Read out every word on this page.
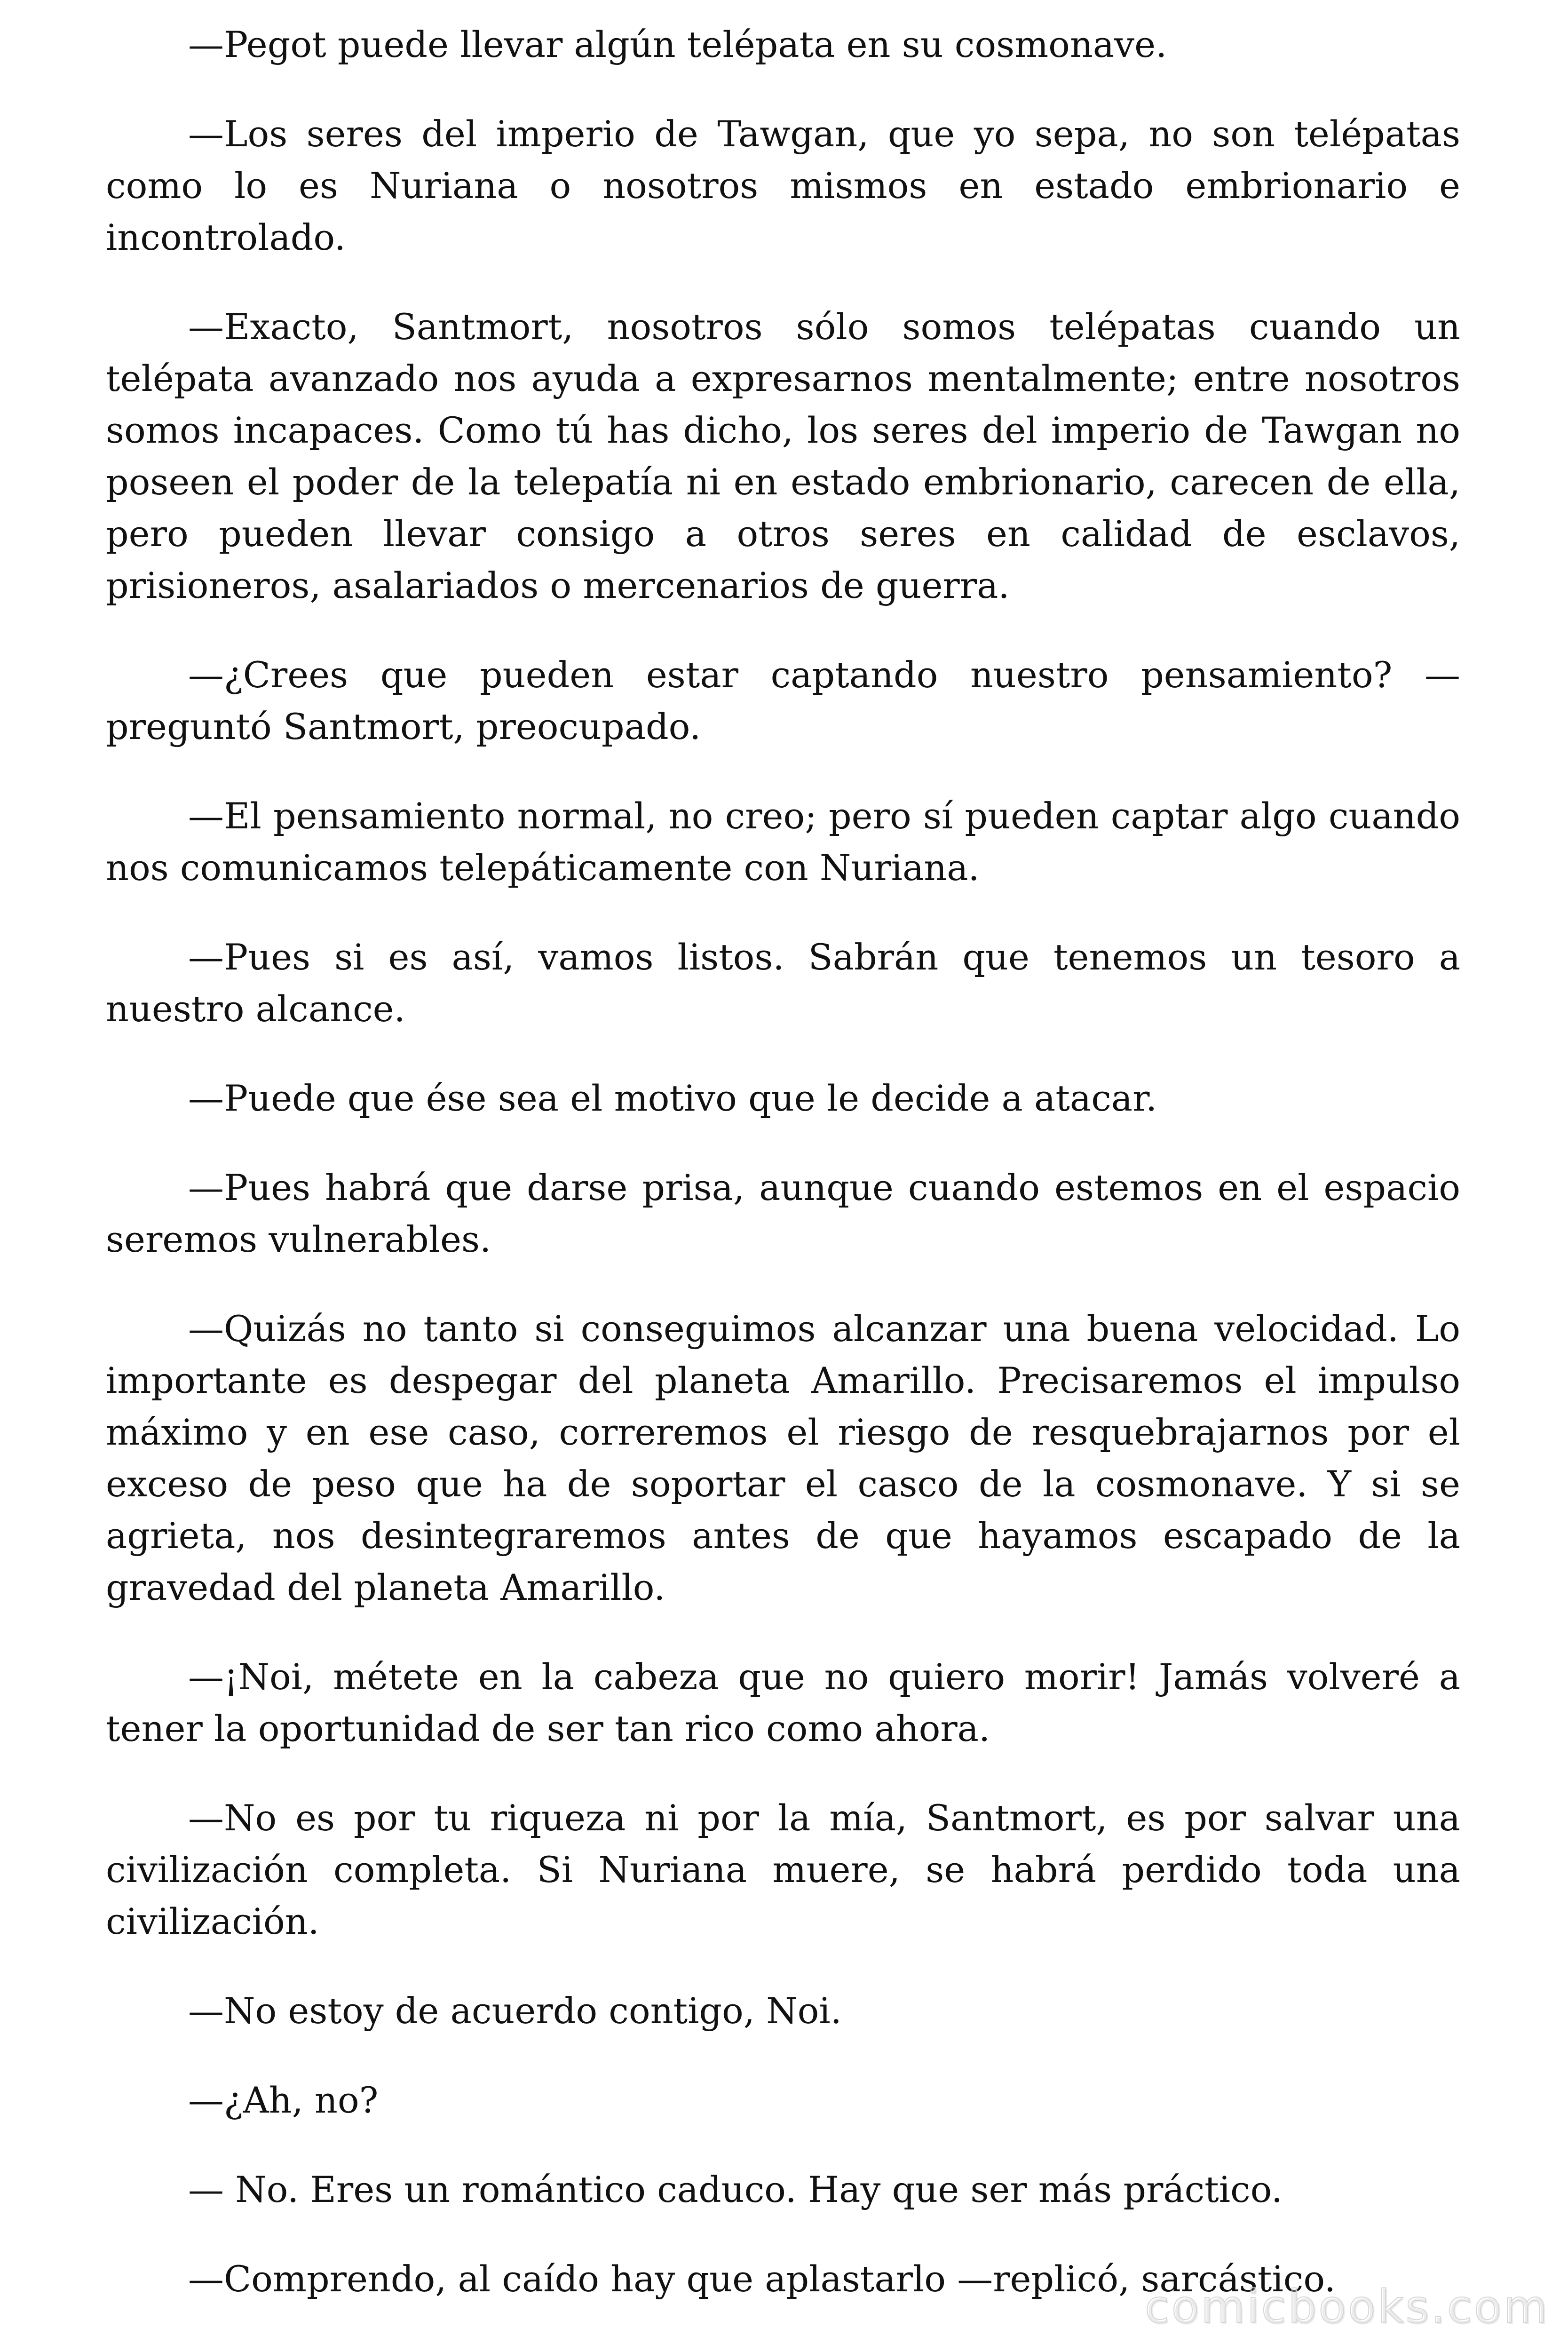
—Pegot puede llevar algún telépata en su cosmonave.

—Los seres del imperio de Tawgan, que yo sepa, no son telépatas como lo es Nuriana o nosotros mismos en estado embrionario e incontrolado.

—Exacto, Santmort, nosotros sólo somos telépatas cuando un telépata avanzado nos ayuda a expresarnos mentalmente; entre nosotros somos incapaces. Como tú has dicho, los seres del imperio de Tawgan no poseen el poder de la telepatía ni en estado embrionario, carecen de ella, pero pueden llevar consigo a otros seres en calidad de esclavos, prisioneros, asalariados o mercenarios de guerra.

—¿Crees que pueden estar captando nuestro pensamiento? —preguntó Santmort, preocupado.

—El pensamiento normal, no creo; pero sí pueden captar algo cuando nos comunicamos telepáticamente con Nuriana.

—Pues si es así, vamos listos. Sabrán que tenemos un tesoro a nuestro alcance.

—Puede que ése sea el motivo que le decide a atacar.

—Pues habrá que darse prisa, aunque cuando estemos en el espacio seremos vulnerables.

—Quizás no tanto si conseguimos alcanzar una buena velocidad. Lo importante es despegar del planeta Amarillo. Precisaremos el impulso máximo y en ese caso, correremos el riesgo de resquebrajarnos por el exceso de peso que ha de soportar el casco de la cosmonave. Y si se agrieta, nos desintegraremos antes de que hayamos escapado de la gravedad del planeta Amarillo.

—¡Noi, métete en la cabeza que no quiero morir! Jamás volveré a tener la oportunidad de ser tan rico como ahora.

—No es por tu riqueza ni por la mía, Santmort, es por salvar una civilización completa. Si Nuriana muere, se habrá perdido toda una civilización.

—No estoy de acuerdo contigo, Noi.

—¿Ah, no?

— No. Eres un romántico caduco. Hay que ser más práctico.

—Comprendo, al caído hay que aplastarlo —replicó, sarcástico.

comicbooks.com
